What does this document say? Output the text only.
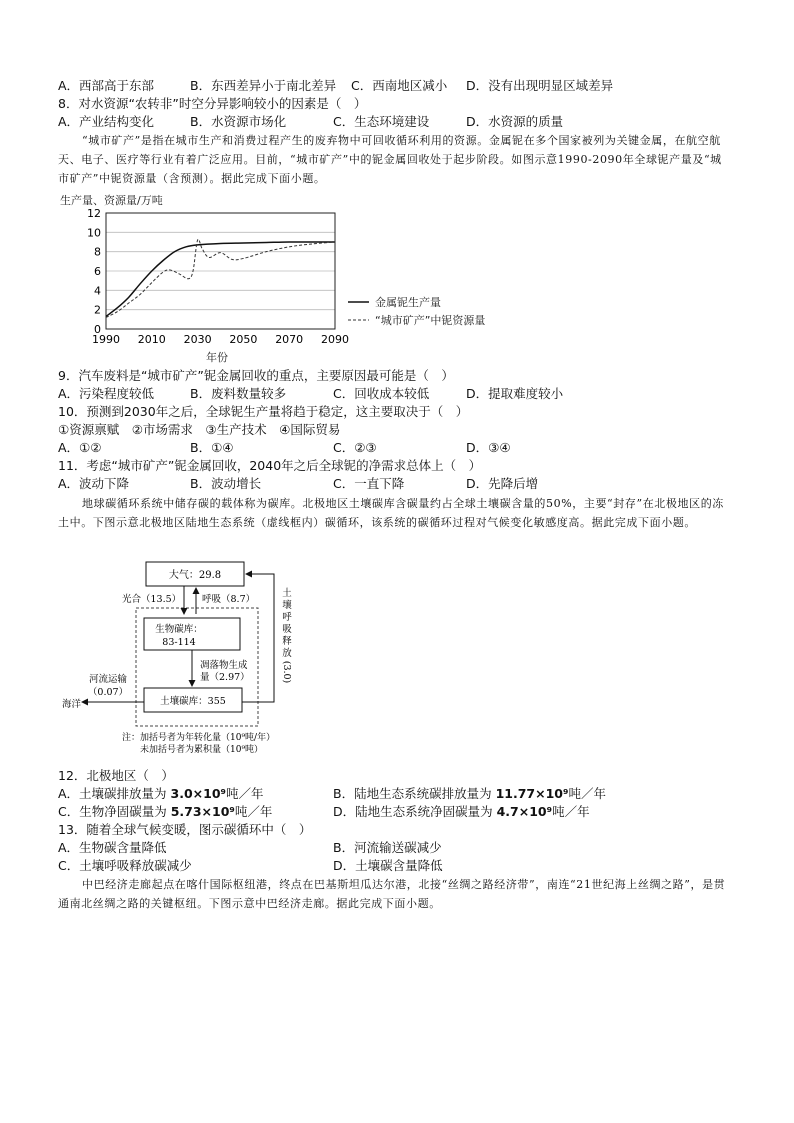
A．西部高于东部	B．东西差异小于南北差异 C．西南地区减小 D．没有出现明显区域差异
8．对水资源“农转非”时空分异影响较小的因素是（　）
A．产业结构变化	B．水资源市场化	C．生态环境建设	D．水资源的质量
“城市矿产”是指在城市生产和消费过程产生的废弃物中可回收循环利用的资源。金属铌在多个国家被列为关键金属，在航空航天、电子、医疗等行业有着广泛应用。目前，“城市矿产”中的铌金属回收处于起步阶段。如图示意1990-2090年全球铌产量及“城市矿产”中铌资源量（含预测）。据此完成下面小题。
生产量、资源量/万吨
0
2
4
6
8
10
12
1990 2010 2030 2050 2070 2090
年份
金属铌生产量
“城市矿产”中铌资源量
9．汽车废料是“城市矿产”铌金属回收的重点，主要原因最可能是（　）
A．污染程度较低	B．废料数量较多	C．回收成本较低	D．提取难度较小
10．预测到2030年之后，全球铌生产量将趋于稳定，这主要取决于（　）
①资源禀赋　②市场需求　③生产技术　④国际贸易
A．①②	B．①④	C．②③	D．③④
11．考虑“城市矿产”铌金属回收，2040年之后全球铌的净需求总体上（　）
A．波动下降	B．波动增长	C．一直下降	D．先降后增
地球碳循环系统中储存碳的载体称为碳库。北极地区土壤碳库含碳量约占全球土壤碳含量的50%，主要“封存”在北极地区的冻土中。下图示意北极地区陆地生态系统（虚线框内）碳循环，该系统的碳循环过程对气候变化敏感度高。据此完成下面小题。
大气：29.8
光合（13.5） 呼吸（8.7）
生物碳库：
83-114
凋落物生成
量（2.97）
土壤碳库：355
河流运输
（0.07）
海洋
土
壤
呼
吸
释
放
(3.0)
注：加括号者为年转化量（10⁹吨/年）
未加括号者为累积量（10⁹吨）
12．北极地区（　）
A．土壤碳排放量为 3.0×10⁹吨／年	B．陆地生态系统碳排放量为 11.77×10⁹吨／年
C．生物净固碳量为 5.73×10⁹吨／年	D．陆地生态系统净固碳量为 4.7×10⁹吨／年
13．随着全球气候变暖，图示碳循环中（　）
A．生物碳含量降低	B．河流输送碳减少
C．土壤呼吸释放碳减少	D．土壤碳含量降低
中巴经济走廊起点在喀什国际枢纽港，终点在巴基斯坦瓜达尔港，北接“丝绸之路经济带”，南连“21世纪海上丝绸之路”，是贯通南北丝绸之路的关键枢纽。下图示意中巴经济走廊。据此完成下面小题。
